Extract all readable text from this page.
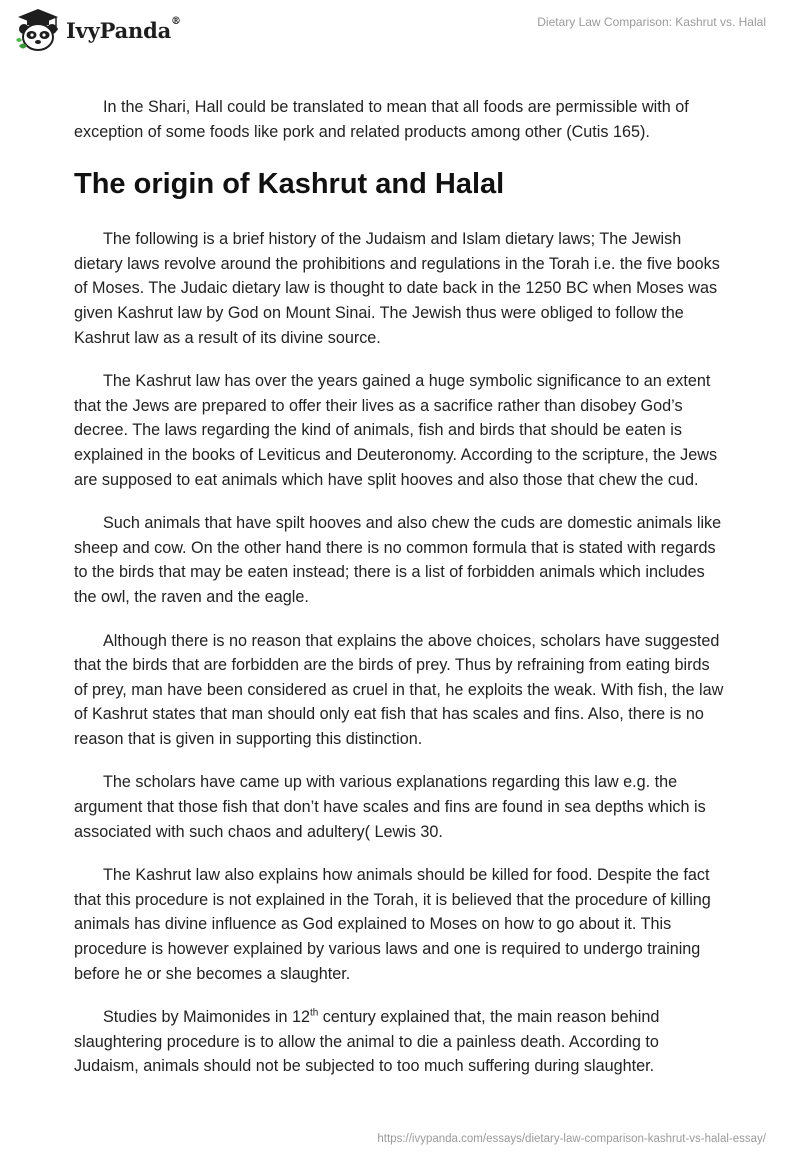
IvyPanda®	Dietary Law Comparison: Kashrut vs. Halal

In the Shari, Hall could be translated to mean that all foods are permissible with of exception of some foods like pork and related products among other (Cutis 165).

The origin of Kashrut and Halal

The following is a brief history of the Judaism and Islam dietary laws; The Jewish dietary laws revolve around the prohibitions and regulations in the Torah i.e. the five books of Moses. The Judaic dietary law is thought to date back in the 1250 BC when Moses was given Kashrut law by God on Mount Sinai. The Jewish thus were obliged to follow the Kashrut law as a result of its divine source.

The Kashrut law has over the years gained a huge symbolic significance to an extent that the Jews are prepared to offer their lives as a sacrifice rather than disobey God’s decree. The laws regarding the kind of animals, fish and birds that should be eaten is explained in the books of Leviticus and Deuteronomy. According to the scripture, the Jews are supposed to eat animals which have split hooves and also those that chew the cud.

Such animals that have spilt hooves and also chew the cuds are domestic animals like sheep and cow. On the other hand there is no common formula that is stated with regards to the birds that may be eaten instead; there is a list of forbidden animals which includes the owl, the raven and the eagle.

Although there is no reason that explains the above choices, scholars have suggested that the birds that are forbidden are the birds of prey. Thus by refraining from eating birds of prey, man have been considered as cruel in that, he exploits the weak. With fish, the law of Kashrut states that man should only eat fish that has scales and fins. Also, there is no reason that is given in supporting this distinction.

The scholars have came up with various explanations regarding this law e.g. the argument that those fish that don’t have scales and fins are found in sea depths which is associated with such chaos and adultery( Lewis 30.

The Kashrut law also explains how animals should be killed for food. Despite the fact that this procedure is not explained in the Torah, it is believed that the procedure of killing animals has divine influence as God explained to Moses on how to go about it. This procedure is however explained by various laws and one is required to undergo training before he or she becomes a slaughter.

Studies by Maimonides in 12th century explained that, the main reason behind slaughtering procedure is to allow the animal to die a painless death. According to Judaism, animals should not be subjected to too much suffering during slaughter.

https://ivypanda.com/essays/dietary-law-comparison-kashrut-vs-halal-essay/
